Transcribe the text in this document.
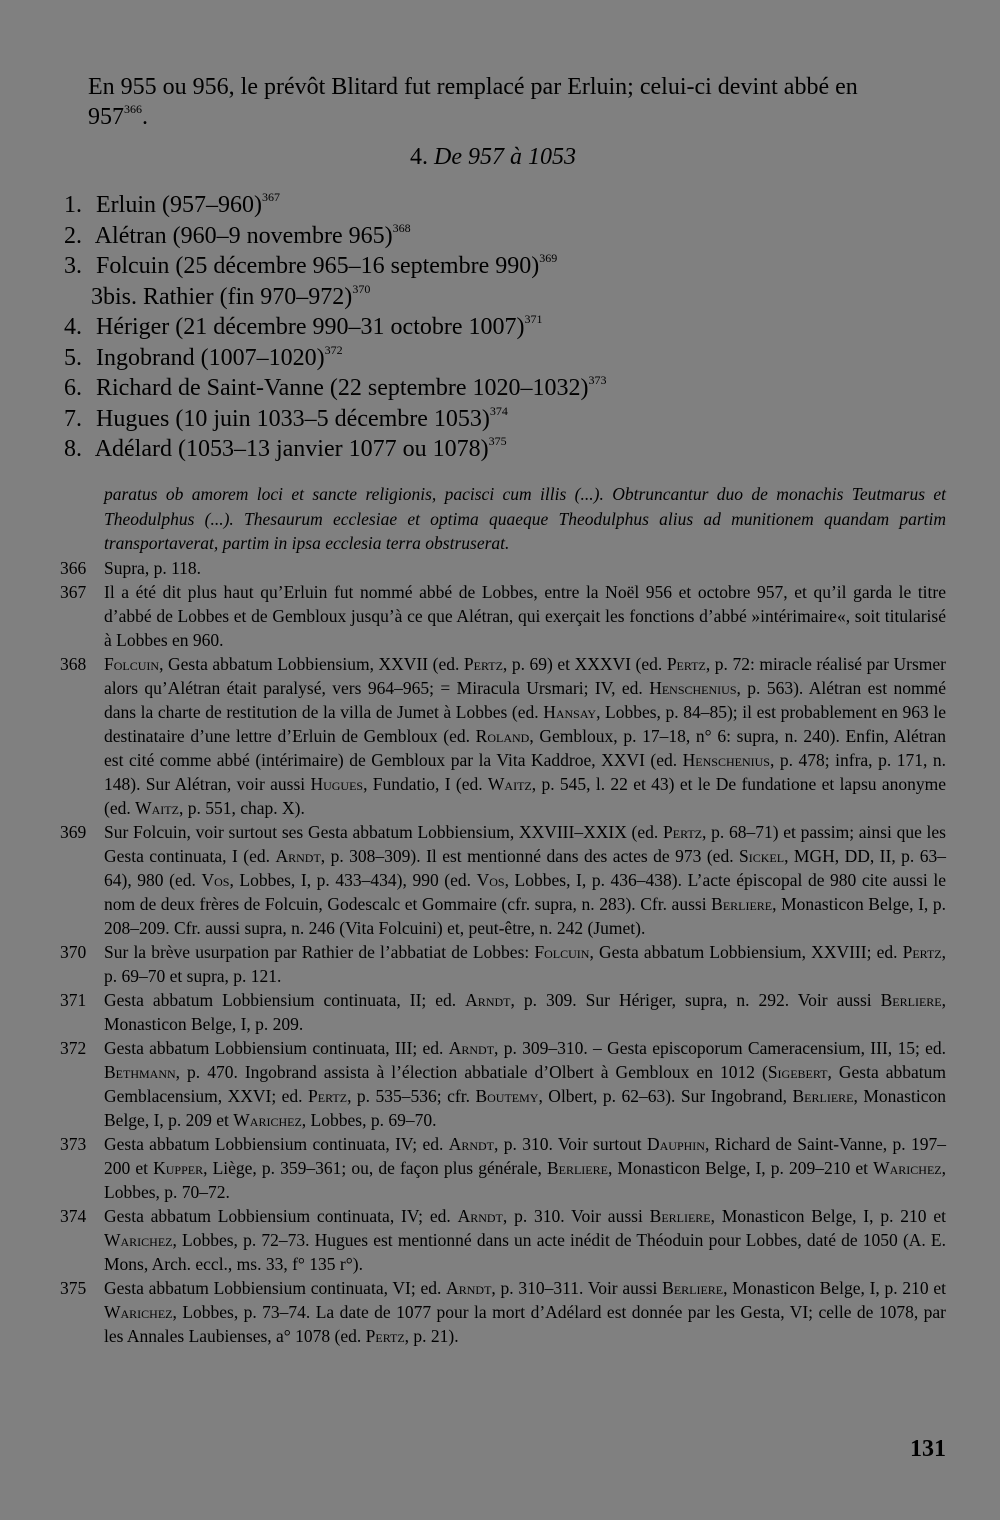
En 955 ou 956, le prévôt Blitard fut remplacé par Erluin; celui-ci devint abbé en
$957^{366}$.
4. De 957 à 1053
1. Erluin $(957-960)^{367}$
2. Alétran (960–9 novembre 965)$^{368}$
3. Folcuin (25 décembre 965–16 septembre 990)$^{369}$
3bis. Rathier (fin 970–972)$^{370}$
4. Hériger (21 décembre 990–31 octobre 1007)$^{371}$
5. Ingobrand (1007–1020)$^{372}$
6. Richard de Saint-Vanne (22 septembre 1020–1032)$^{373}$
7. Hugues (10 juin 1033–5 décembre 1053)$^{374}$
8. Adélard (1053–13 janvier 1077 ou 1078)$^{375}$
paratus ob amorem loci et sancte religionis, pacisci cum illis (...). Obtruncantur duo de monachis Teutmarus et Theodulphus (...). Thesaurum ecclesiae et optima quaeque Theodulphus alius ad munitionem quandam partim transportaverat, partim in ipsa ecclesia terra obstruserat.
366	Supra, p. 118.
367	Il a été dit plus haut qu’Erluin fut nommé abbé de Lobbes, entre la Noël 956 et octobre 957, et qu’il garda le titre d’abbé de Lobbes et de Gembloux jusqu’à ce que Alétran, qui exerçait les fonctions d’abbé »intérimaire«, soit titularisé à Lobbes en 960.
368	Folcuin, Gesta abbatum Lobbiensium, XXVII (ed. Pertz, p. 69) et XXXVI (ed. Pertz, p. 72: miracle réalisé par Ursmer alors qu’Alétran était paralysé, vers 964–965; = Miracula Ursmari; IV, ed. Henschenius, p. 563). Alétran est nommé dans la charte de restitution de la villa de Jumet à Lobbes (ed. Hansay, Lobbes, p. 84–85); il est probablement en 963 le destinataire d’une lettre d’Erluin de Gembloux (ed. Roland, Gembloux, p. 17–18, n° 6: supra, n. 240). Enfin, Alétran est cité comme abbé (intérimaire) de Gembloux par la Vita Kaddroe, XXVI (ed. Henschenius, p. 478; infra, p. 171, n. 148). Sur Alétran, voir aussi Hugues, Fundatio, I (ed. Waitz, p. 545, l. 22 et 43) et le De fundatione et lapsu anonyme (ed. Waitz, p. 551, chap. X).
369	Sur Folcuin, voir surtout ses Gesta abbatum Lobbiensium, XXVIII–XXIX (ed. Pertz, p. 68–71) et passim; ainsi que les Gesta continuata, I (ed. Arndt, p. 308–309). Il est mentionné dans des actes de 973 (ed. Sickel, MGH, DD, II, p. 63–64), 980 (ed. Vos, Lobbes, I, p. 433–434), 990 (ed. Vos, Lobbes, I, p. 436–438). L’acte épiscopal de 980 cite aussi le nom de deux frères de Folcuin, Godescalc et Gommaire (cfr. supra, n. 283). Cfr. aussi Berliere, Monasticon Belge, I, p. 208–209. Cfr. aussi supra, n. 246 (Vita Folcuini) et, peut-être, n. 242 (Jumet).
370	Sur la brève usurpation par Rathier de l’abbatiat de Lobbes: Folcuin, Gesta abbatum Lobbiensium, XXVIII; ed. Pertz, p. 69–70 et supra, p. 121.
371	Gesta abbatum Lobbiensium continuata, II; ed. Arndt, p. 309. Sur Hériger, supra, n. 292. Voir aussi Berliere, Monasticon Belge, I, p. 209.
372	Gesta abbatum Lobbiensium continuata, III; ed. Arndt, p. 309–310. – Gesta episcoporum Cameracensium, III, 15; ed. Bethmann, p. 470. Ingobrand assista à l’élection abbatiale d’Olbert à Gembloux en 1012 (Sigebert, Gesta abbatum Gemblacensium, XXVI; ed. Pertz, p. 535–536; cfr. Boutemy, Olbert, p. 62–63). Sur Ingobrand, Berliere, Monasticon Belge, I, p. 209 et Warichez, Lobbes, p. 69–70.
373	Gesta abbatum Lobbiensium continuata, IV; ed. Arndt, p. 310. Voir surtout Dauphin, Richard de Saint-Vanne, p. 197–200 et Kupper, Liège, p. 359–361; ou, de façon plus générale, Berliere, Monasticon Belge, I, p. 209–210 et Warichez, Lobbes, p. 70–72.
374	Gesta abbatum Lobbiensium continuata, IV; ed. Arndt, p. 310. Voir aussi Berliere, Monasticon Belge, I, p. 210 et Warichez, Lobbes, p. 72–73. Hugues est mentionné dans un acte inédit de Théoduin pour Lobbes, daté de 1050 (A. E. Mons, Arch. eccl., ms. 33, f° 135 r°).
375	Gesta abbatum Lobbiensium continuata, VI; ed. Arndt, p. 310–311. Voir aussi Berliere, Monasticon Belge, I, p. 210 et Warichez, Lobbes, p. 73–74. La date de 1077 pour la mort d’Adélard est donnée par les Gesta, VI; celle de 1078, par les Annales Laubienses, a° 1078 (ed. Pertz, p. 21).
131
